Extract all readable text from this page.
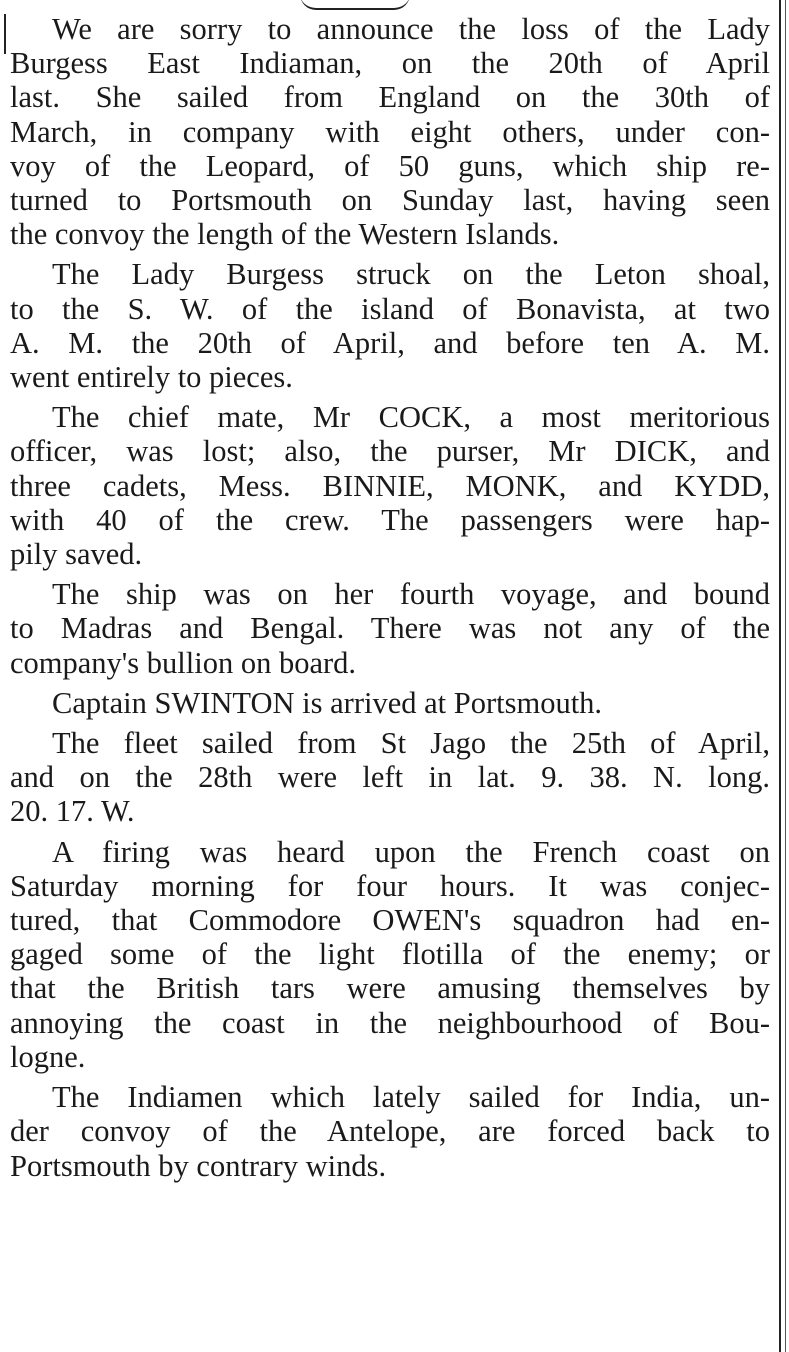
We are sorry to announce the loss of the Lady
Burgess East Indiaman, on the 20th of April
last. She sailed from England on the 30th of
March, in company with eight others, under con-
voy of the Leopard, of 50 guns, which ship re-
turned to Portsmouth on Sunday last, having seen
the convoy the length of the Western Islands.
The Lady Burgess struck on the Leton shoal,
to the S. W. of the island of Bonavista, at two
A. M. the 20th of April, and before ten A. M.
went entirely to pieces.
The chief mate, Mr COCK, a most meritorious
officer, was lost; also, the purser, Mr DICK, and
three cadets, Mess. BINNIE, MONK, and KYDD,
with 40 of the crew. The passengers were hap-
pily saved.
The ship was on her fourth voyage, and bound
to Madras and Bengal. There was not any of the
company's bullion on board.
Captain SWINTON is arrived at Portsmouth.
The fleet sailed from St Jago the 25th of April,
and on the 28th were left in lat. 9. 38. N. long.
20. 17. W.
A firing was heard upon the French coast on
Saturday morning for four hours. It was conjec-
tured, that Commodore OWEN's squadron had en-
gaged some of the light flotilla of the enemy; or
that the British tars were amusing themselves by
annoying the coast in the neighbourhood of Bou-
logne.
The Indiamen which lately sailed for India, un-
der convoy of the Antelope, are forced back to
Portsmouth by contrary winds.
